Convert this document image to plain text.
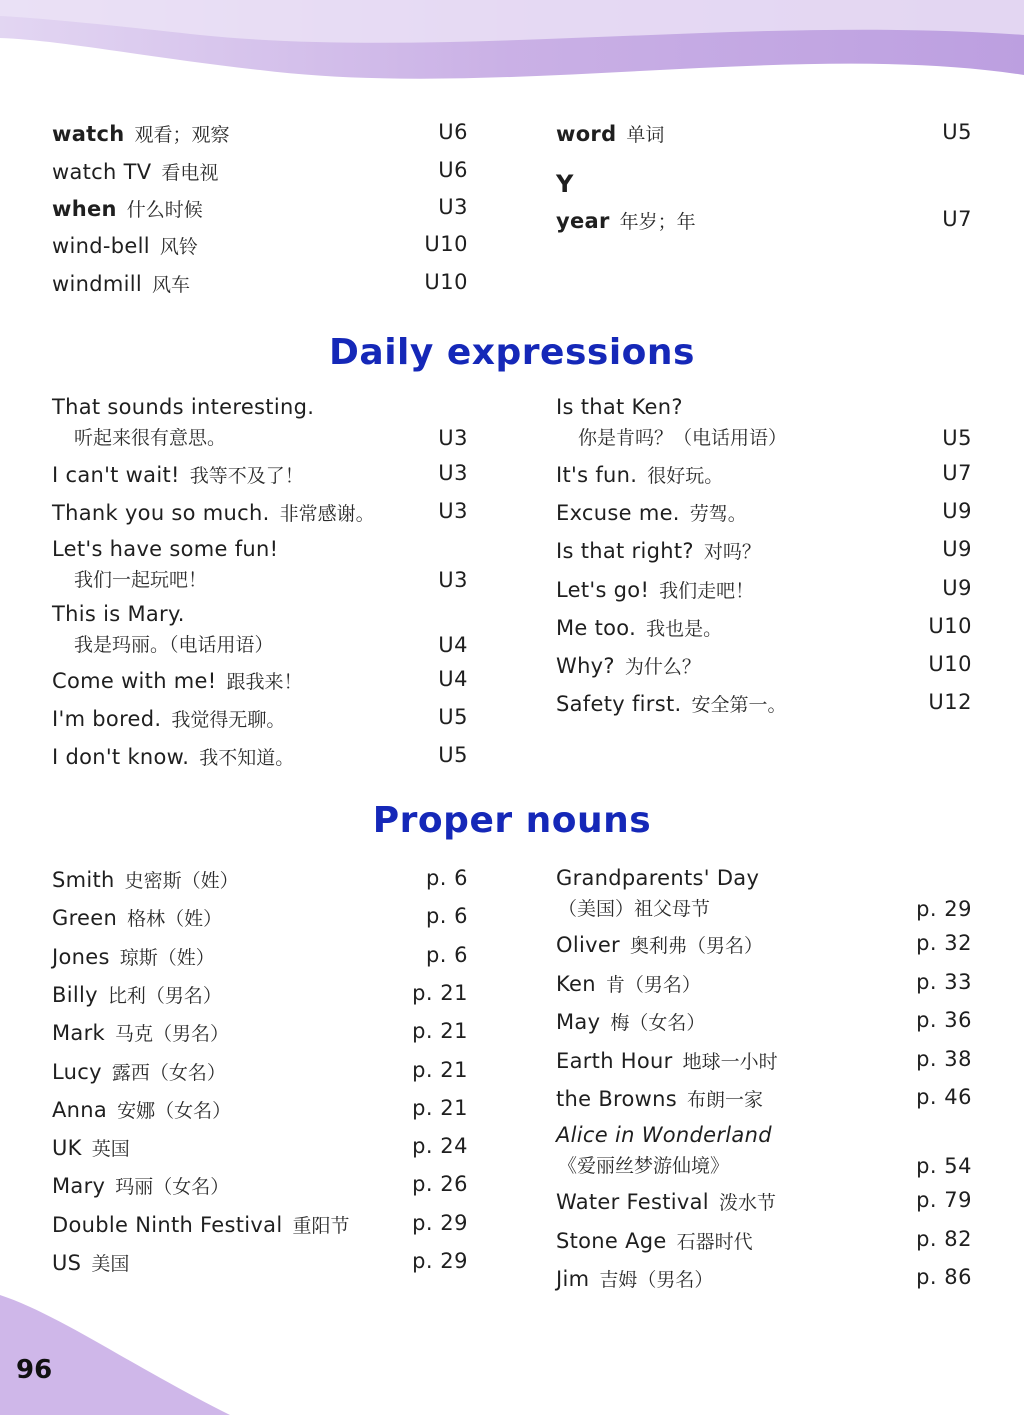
watch 观看；观察	U6
watch TV 看电视	U6
when 什么时候	U3
wind-bell 风铃	U10
windmill 风车	U10
word 单词	U5
Y
year 年岁；年	U7
Daily expressions
That sounds interesting.
听起来很有意思。	U3
I can't wait! 我等不及了！	U3
Thank you so much. 非常感谢。	U3
Let's have some fun!
我们一起玩吧！	U3
This is Mary.
我是玛丽。（电话用语）	U4
Come with me! 跟我来！	U4
I'm bored. 我觉得无聊。	U5
I don't know. 我不知道。	U5
Is that Ken?
你是肯吗？（电话用语）	U5
It's fun. 很好玩。	U7
Excuse me. 劳驾。	U9
Is that right? 对吗？	U9
Let's go! 我们走吧！	U9
Me too. 我也是。	U10
Why? 为什么？	U10
Safety first. 安全第一。	U12
Proper nouns
Smith 史密斯（姓）	p. 6
Green 格林（姓）	p. 6
Jones 琼斯（姓）	p. 6
Billy 比利（男名）	p. 21
Mark 马克（男名）	p. 21
Lucy 露西（女名）	p. 21
Anna 安娜（女名）	p. 21
UK 英国	p. 24
Mary 玛丽（女名）	p. 26
Double Ninth Festival 重阳节	p. 29
US 美国	p. 29
Grandparents' Day
（美国）祖父母节	p. 29
Oliver 奥利弗（男名）	p. 32
Ken 肯（男名）	p. 33
May 梅（女名）	p. 36
Earth Hour 地球一小时	p. 38
the Browns 布朗一家	p. 46
Alice in Wonderland
《爱丽丝梦游仙境》	p. 54
Water Festival 泼水节	p. 79
Stone Age 石器时代	p. 82
Jim 吉姆（男名）	p. 86
96
